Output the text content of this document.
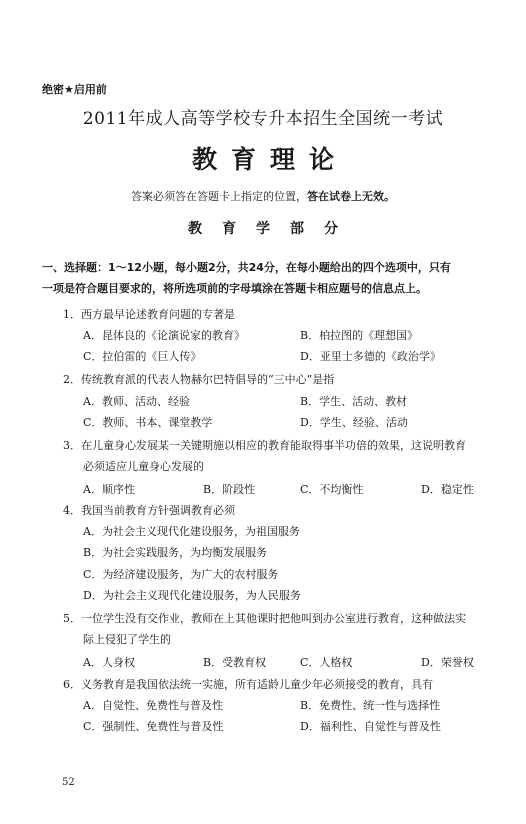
绝密★启用前
2011年成人高等学校专升本招生全国统一考试
教育理论
答案必须答在答题卡上指定的位置，答在试卷上无效。
教育学部分
一、选择题：1～12小题，每小题2分，共24分，在每小题给出的四个选项中，只有
一项是符合题目要求的，将所选项前的字母填涂在答题卡相应题号的信息点上。
1．西方最早论述教育问题的专著是
A．昆体良的《论演说家的教育》	B．柏拉图的《理想国》
C．拉伯雷的《巨人传》	D．亚里士多德的《政治学》
2．传统教育派的代表人物赫尔巴特倡导的“三中心”是指
A．教师、活动、经验	B．学生、活动、教材
C．教师、书本、课堂教学	D．学生、经验、活动
3．在儿童身心发展某一关键期施以相应的教育能取得事半功倍的效果，这说明教育
必须适应儿童身心发展的
A．顺序性	B．阶段性	C．不均衡性	D．稳定性
4．我国当前教育方针强调教育必须
A．为社会主义现代化建设服务，为祖国服务
B．为社会实践服务，为均衡发展服务
C．为经济建设服务，为广大的农村服务
D．为社会主义现代化建设服务，为人民服务
5．一位学生没有交作业，教师在上其他课时把他叫到办公室进行教育，这种做法实
际上侵犯了学生的
A．人身权	B．受教育权	C．人格权	D．荣誉权
6．义务教育是我国依法统一实施，所有适龄儿童少年必须接受的教育，具有
A．自觉性、免费性与普及性	B．免费性、统一性与选择性
C．强制性、免费性与普及性	D．福利性、自觉性与普及性
52
